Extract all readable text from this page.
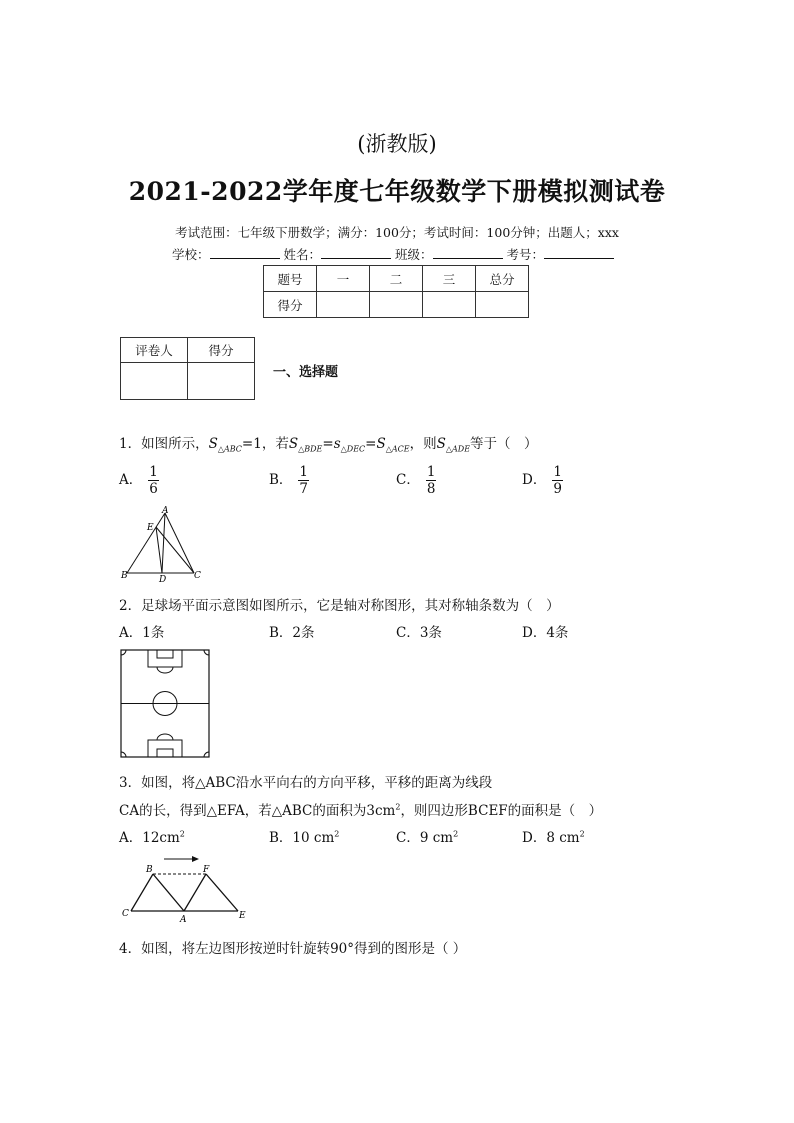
(浙教版)
2021-2022学年度七年级数学下册模拟测试卷
考试范围：七年级下册数学；满分：100分；考试时间：100分钟；出题人；xxx
学校：	姓名：	班级：	考号：
题号	一	二	三	总分
得分				
评卷人	得分

一、选择题
1．如图所示，$S_{\triangle ABC}=1$，若$S_{\triangle BDE}=s_{\triangle DEC}=S_{\triangle ACE}$，则$S_{\triangle ADE}$等于（　）
A． $\frac{1}{6}$	B． $\frac{1}{7}$	C． $\frac{1}{8}$	D． $\frac{1}{9}$
A
E
B	D	C
2．足球场平面示意图如图所示，它是轴对称图形，其对称轴条数为（　）
A．1条	B．2条	C．3条	D．4条
3．如图，将△ABC沿水平向右的方向平移，平移的距离为线段
CA的长，得到△EFA，若△ABC的面积为$3cm^2$，则四边形BCEF的面积是（　）
A．$12cm^2$	B．10 $cm^2$	C．9 $cm^2$	D．8 $cm^2$
B	F
C
A	E
4．如图，将左边图形按逆时针旋转90°得到的图形是（ ）
